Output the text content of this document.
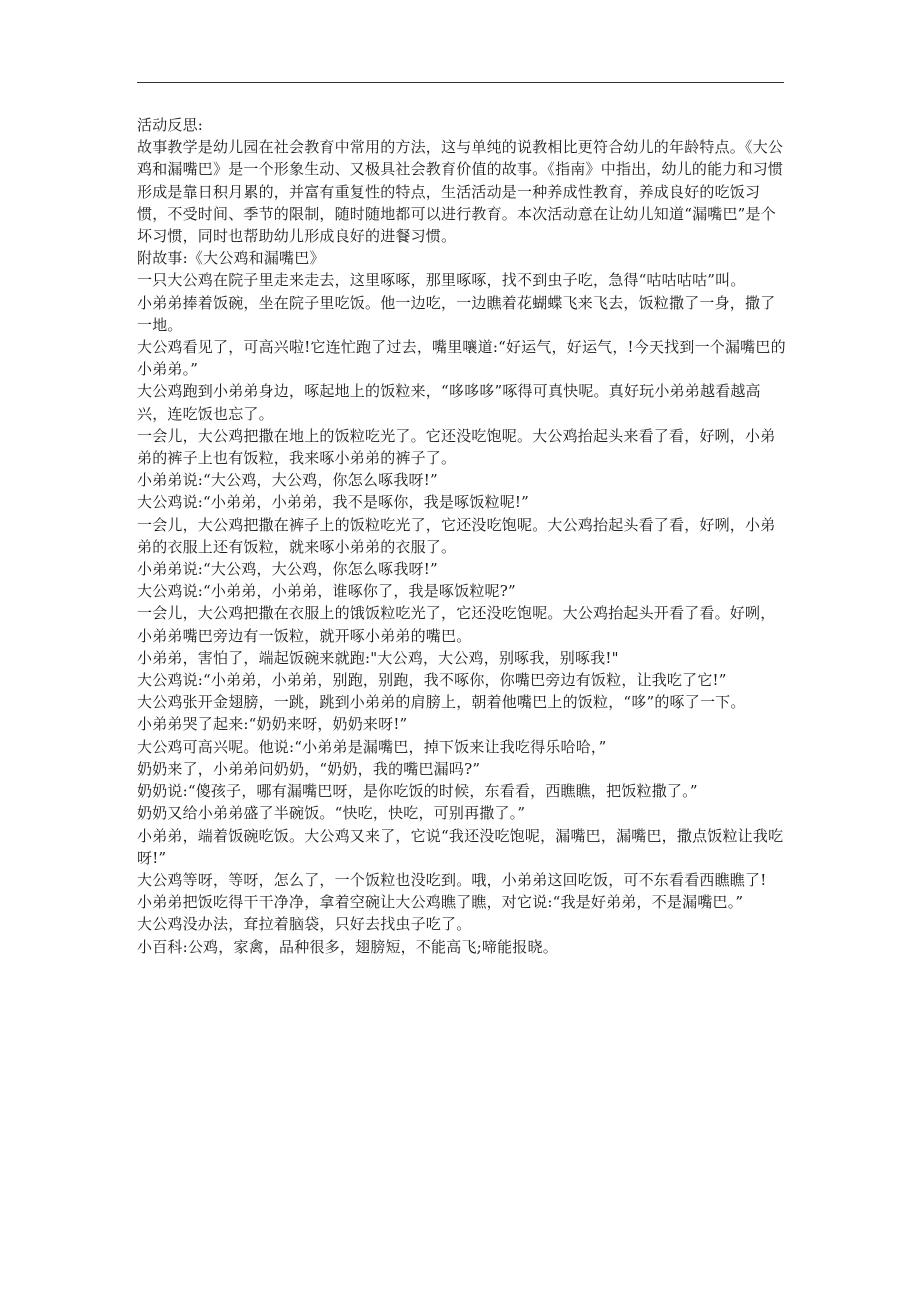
活动反思:

故事教学是幼儿园在社会教育中常用的方法，这与单纯的说教相比更符合幼儿的年龄特点。《大公鸡和漏嘴巴》是一个形象生动、又极具社会教育价值的故事。《指南》中指出，幼儿的能力和习惯形成是靠日积月累的，并富有重复性的特点，生活活动是一种养成性教育，养成良好的吃饭习惯，不受时间、季节的限制，随时随地都可以进行教育。本次活动意在让幼儿知道“漏嘴巴”是个坏习惯，同时也帮助幼儿形成良好的进餐习惯。

附故事:《大公鸡和漏嘴巴》

一只大公鸡在院子里走来走去，这里啄啄，那里啄啄，找不到虫子吃，急得“咕咕咕咕”叫。

小弟弟捧着饭碗，坐在院子里吃饭。他一边吃，一边瞧着花蝴蝶飞来飞去，饭粒撒了一身，撒了一地。

大公鸡看见了，可高兴啦!它连忙跑了过去，嘴里嚷道:“好运气，好运气，!今天找到一个漏嘴巴的小弟弟。”

大公鸡跑到小弟弟身边，啄起地上的饭粒来，“哆哆哆”啄得可真快呢。真好玩小弟弟越看越高兴，连吃饭也忘了。

一会儿，大公鸡把撒在地上的饭粒吃光了。它还没吃饱呢。大公鸡抬起头来看了看，好咧，小弟弟的裤子上也有饭粒，我来啄小弟弟的裤子了。

小弟弟说:“大公鸡，大公鸡，你怎么啄我呀!”

大公鸡说:“小弟弟，小弟弟，我不是啄你，我是啄饭粒呢!”

一会儿，大公鸡把撒在裤子上的饭粒吃光了，它还没吃饱呢。大公鸡抬起头看了看，好咧，小弟弟的衣服上还有饭粒，就来啄小弟弟的衣服了。

小弟弟说:“大公鸡，大公鸡，你怎么啄我呀!”

大公鸡说:“小弟弟，小弟弟，谁啄你了，我是啄饭粒呢?”

一会儿，大公鸡把撒在衣服上的饿饭粒吃光了，它还没吃饱呢。大公鸡抬起头开看了看。好咧，小弟弟嘴巴旁边有一饭粒，就开啄小弟弟的嘴巴。

小弟弟，害怕了，端起饭碗来就跑:"大公鸡，大公鸡，别啄我，别啄我!"

大公鸡说:“小弟弟，小弟弟，别跑，别跑，我不啄你，你嘴巴旁边有饭粒，让我吃了它!”

大公鸡张开金翅膀，一跳，跳到小弟弟的肩膀上，朝着他嘴巴上的饭粒，“哆”的啄了一下。

小弟弟哭了起来:“奶奶来呀，奶奶来呀!”

大公鸡可高兴呢。他说:“小弟弟是漏嘴巴，掉下饭来让我吃得乐哈哈，”

奶奶来了，小弟弟问奶奶，“奶奶，我的嘴巴漏吗?”

奶奶说:“傻孩子，哪有漏嘴巴呀，是你吃饭的时候，东看看，西瞧瞧，把饭粒撒了。”

奶奶又给小弟弟盛了半碗饭。“快吃，快吃，可别再撒了。”

小弟弟，端着饭碗吃饭。大公鸡又来了，它说“我还没吃饱呢，漏嘴巴，漏嘴巴，撒点饭粒让我吃呀!”

大公鸡等呀，等呀，怎么了，一个饭粒也没吃到。哦，小弟弟这回吃饭，可不东看看西瞧瞧了!

小弟弟把饭吃得干干净净，拿着空碗让大公鸡瞧了瞧，对它说:“我是好弟弟，不是漏嘴巴。”

大公鸡没办法，耷拉着脑袋，只好去找虫子吃了。

小百科:公鸡，家禽，品种很多，翅膀短，不能高飞;啼能报晓。
